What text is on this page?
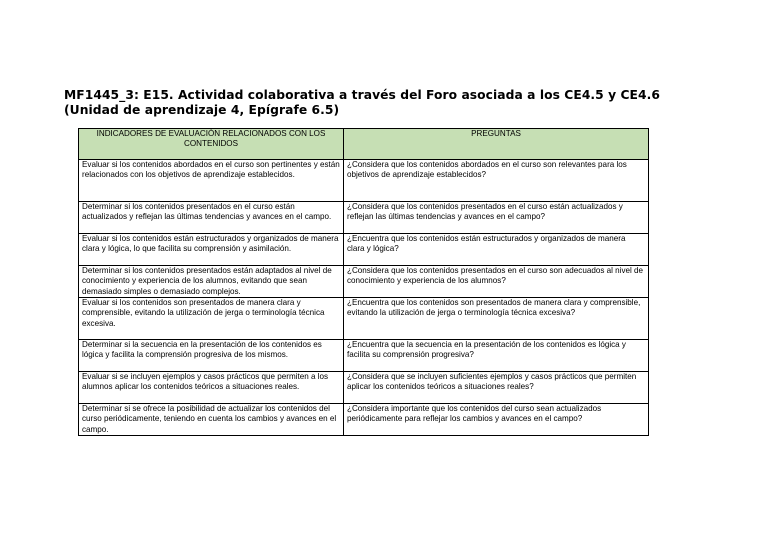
MF1445_3: E15. Actividad colaborativa a través del Foro asociada a los CE4.5 y CE4.6 (Unidad de aprendizaje 4, Epígrafe 6.5)
INDICADORES DE EVALUACIÓN RELACIONADOS CON LOS CONTENIDOS	PREGUNTAS
Evaluar si los contenidos abordados en el curso son pertinentes y están relacionados con los objetivos de aprendizaje establecidos.	¿Considera que los contenidos abordados en el curso son relevantes para los objetivos de aprendizaje establecidos?
Determinar si los contenidos presentados en el curso están actualizados y reflejan las últimas tendencias y avances en el campo.	¿Considera que los contenidos presentados en el curso están actualizados y reflejan las últimas tendencias y avances en el campo?
Evaluar si los contenidos están estructurados y organizados de manera clara y lógica, lo que facilita su comprensión y asimilación.	¿Encuentra que los contenidos están estructurados y organizados de manera clara y lógica?
Determinar si los contenidos presentados están adaptados al nivel de conocimiento y experiencia de los alumnos, evitando que sean demasiado simples o demasiado complejos.	¿Considera que los contenidos presentados en el curso son adecuados al nivel de conocimiento y experiencia de los alumnos?
Evaluar si los contenidos son presentados de manera clara y comprensible, evitando la utilización de jerga o terminología técnica excesiva.	¿Encuentra que los contenidos son presentados de manera clara y comprensible, evitando la utilización de jerga o terminología técnica excesiva?
Determinar si la secuencia en la presentación de los contenidos es lógica y facilita la comprensión progresiva de los mismos.	¿Encuentra que la secuencia en la presentación de los contenidos es lógica y facilita su comprensión progresiva?
Evaluar si se incluyen ejemplos y casos prácticos que permiten a los alumnos aplicar los contenidos teóricos a situaciones reales.	¿Considera que se incluyen suficientes ejemplos y casos prácticos que permiten aplicar los contenidos teóricos a situaciones reales?
Determinar si se ofrece la posibilidad de actualizar los contenidos del curso periódicamente, teniendo en cuenta los cambios y avances en el campo.	¿Considera importante que los contenidos del curso sean actualizados periódicamente para reflejar los cambios y avances en el campo?
